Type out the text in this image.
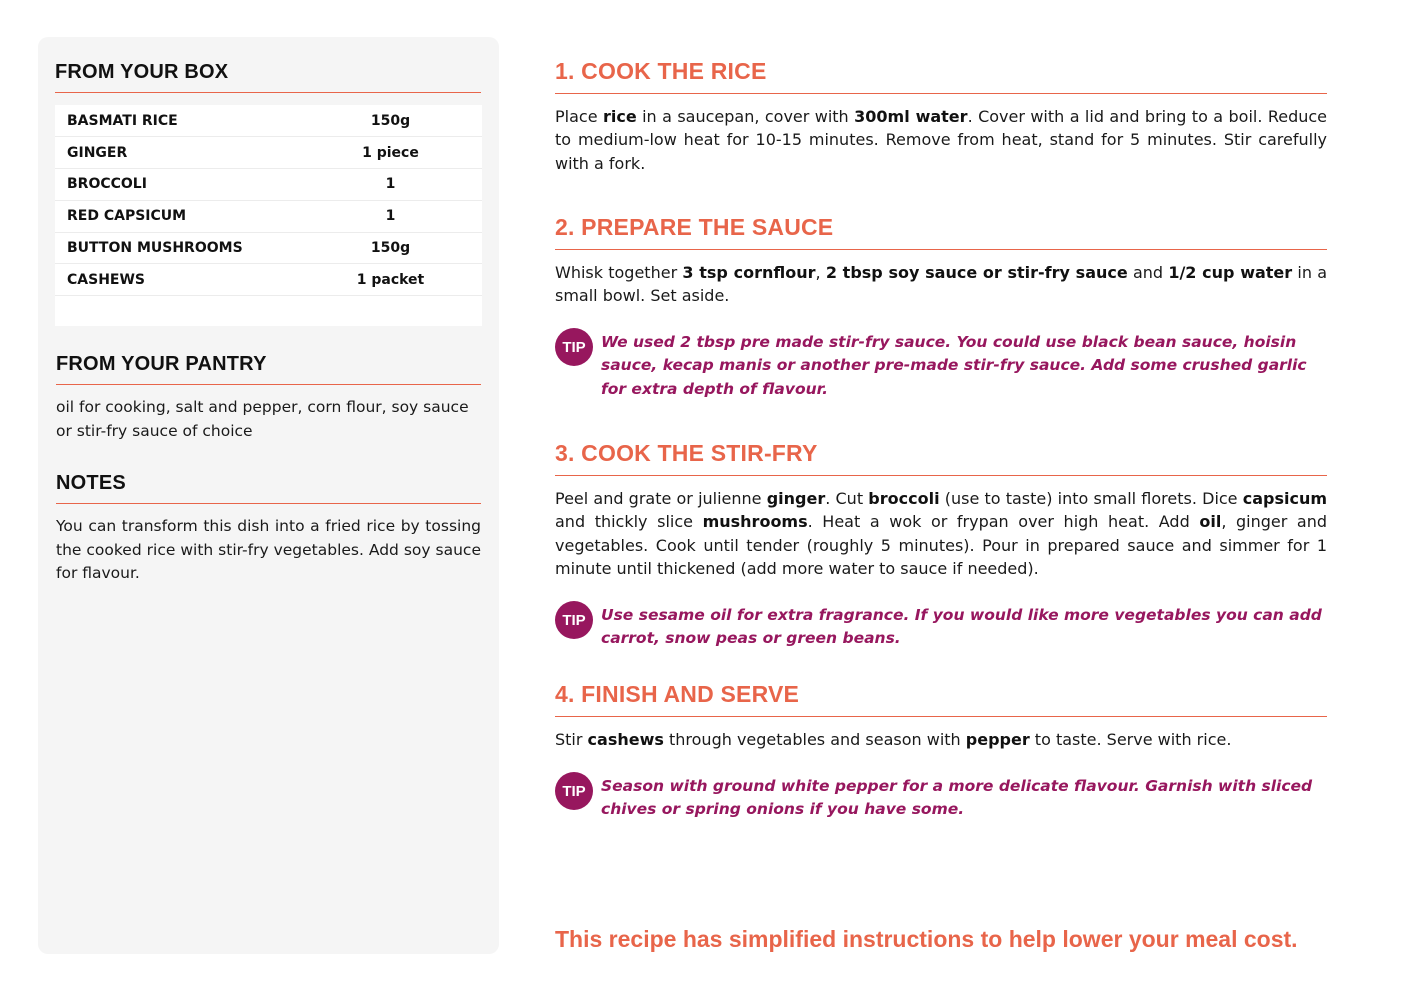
FROM YOUR BOX
BASMATI RICE	150g
GINGER	1 piece
BROCCOLI	1
RED CAPSICUM	1
BUTTON MUSHROOMS	150g
CASHEWS	1 packet

FROM YOUR PANTRY

oil for cooking, salt and pepper, corn flour, soy sauce or stir-fry sauce of choice

NOTES

You can transform this dish into a fried rice by tossing the cooked rice with stir-fry vegetables. Add soy sauce for flavour.

1. COOK THE RICE

Place rice in a saucepan, cover with 300ml water. Cover with a lid and bring to a boil. Reduce to medium-low heat for 10-15 minutes. Remove from heat, stand for 5 minutes. Stir carefully with a fork.

2. PREPARE THE SAUCE

Whisk together 3 tsp cornflour, 2 tbsp soy sauce or stir-fry sauce and 1/2 cup water in a small bowl. Set aside.

TIP We used 2 tbsp pre made stir-fry sauce. You could use black bean sauce, hoisin sauce, kecap manis or another pre-made stir-fry sauce. Add some crushed garlic for extra depth of flavour.

3. COOK THE STIR-FRY

Peel and grate or julienne ginger. Cut broccoli (use to taste) into small florets. Dice capsicum and thickly slice mushrooms. Heat a wok or frypan over high heat. Add oil, ginger and vegetables. Cook until tender (roughly 5 minutes). Pour in prepared sauce and simmer for 1 minute until thickened (add more water to sauce if needed).

TIP Use sesame oil for extra fragrance. If you would like more vegetables you can add carrot, snow peas or green beans.

4. FINISH AND SERVE

Stir cashews through vegetables and season with pepper to taste. Serve with rice.

TIP Season with ground white pepper for a more delicate flavour. Garnish with sliced chives or spring onions if you have some.

This recipe has simplified instructions to help lower your meal cost.
